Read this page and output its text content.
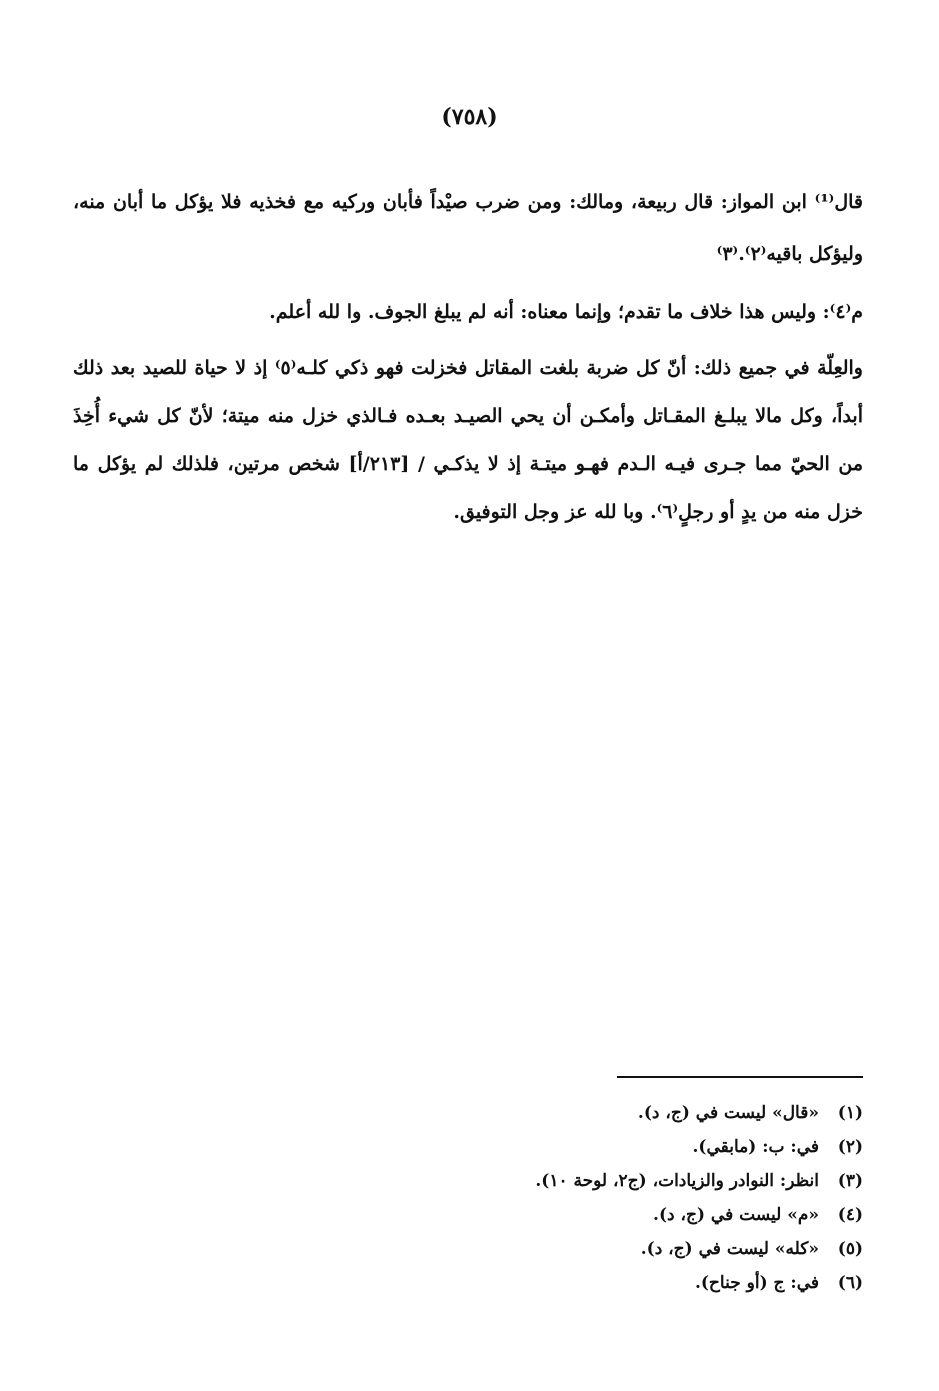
(٧٥٨)

قال⁽¹⁾ ابن المواز: قال ربيعة، ومالك: ومن ضرب صيْداً فأبان وركيه مع فخذيه فلا يؤكل ما أبان منه، وليؤكل باقيه⁽٢⁾.⁽٣⁾

م⁽٤⁾: وليس هذا خلاف ما تقدم؛ وإنما معناه: أنه لم يبلغ الجوف. وا لله أعلم.

والعِلّة في جميع ذلك: أنّ كل ضربة بلغت المقاتل فخزلت فهو ذكي كلـه⁽٥⁾ إذ لا حياة للصيد بعد ذلك أبداً، وكل مالا يبلـغ المقـاتل وأمكـن أن يحي الصيـد بعـده فـالذي خزل منه ميتة؛ لأنّ كل شيء أُخِذَ من الحيّ مما جـرى فيـه الـدم فهـو ميتـة إذ لا يذكـي / [٢١٣/أ] شخص مرتين، فلذلك لم يؤكل ما خزل منه من يدٍ أو رجلٍ⁽٦⁾. وبا لله عز وجل التوفيق.

(١)
«قال» ليست في (ج، د).
(٢)
في: ب: (مابقي).
(٣)
انظر: النوادر والزيادات، (ج٢، لوحة ١٠).
(٤)
«م» ليست في (ج، د).
(٥)
«كله» ليست في (ج، د).
(٦)
في: ج (أو جناح).
